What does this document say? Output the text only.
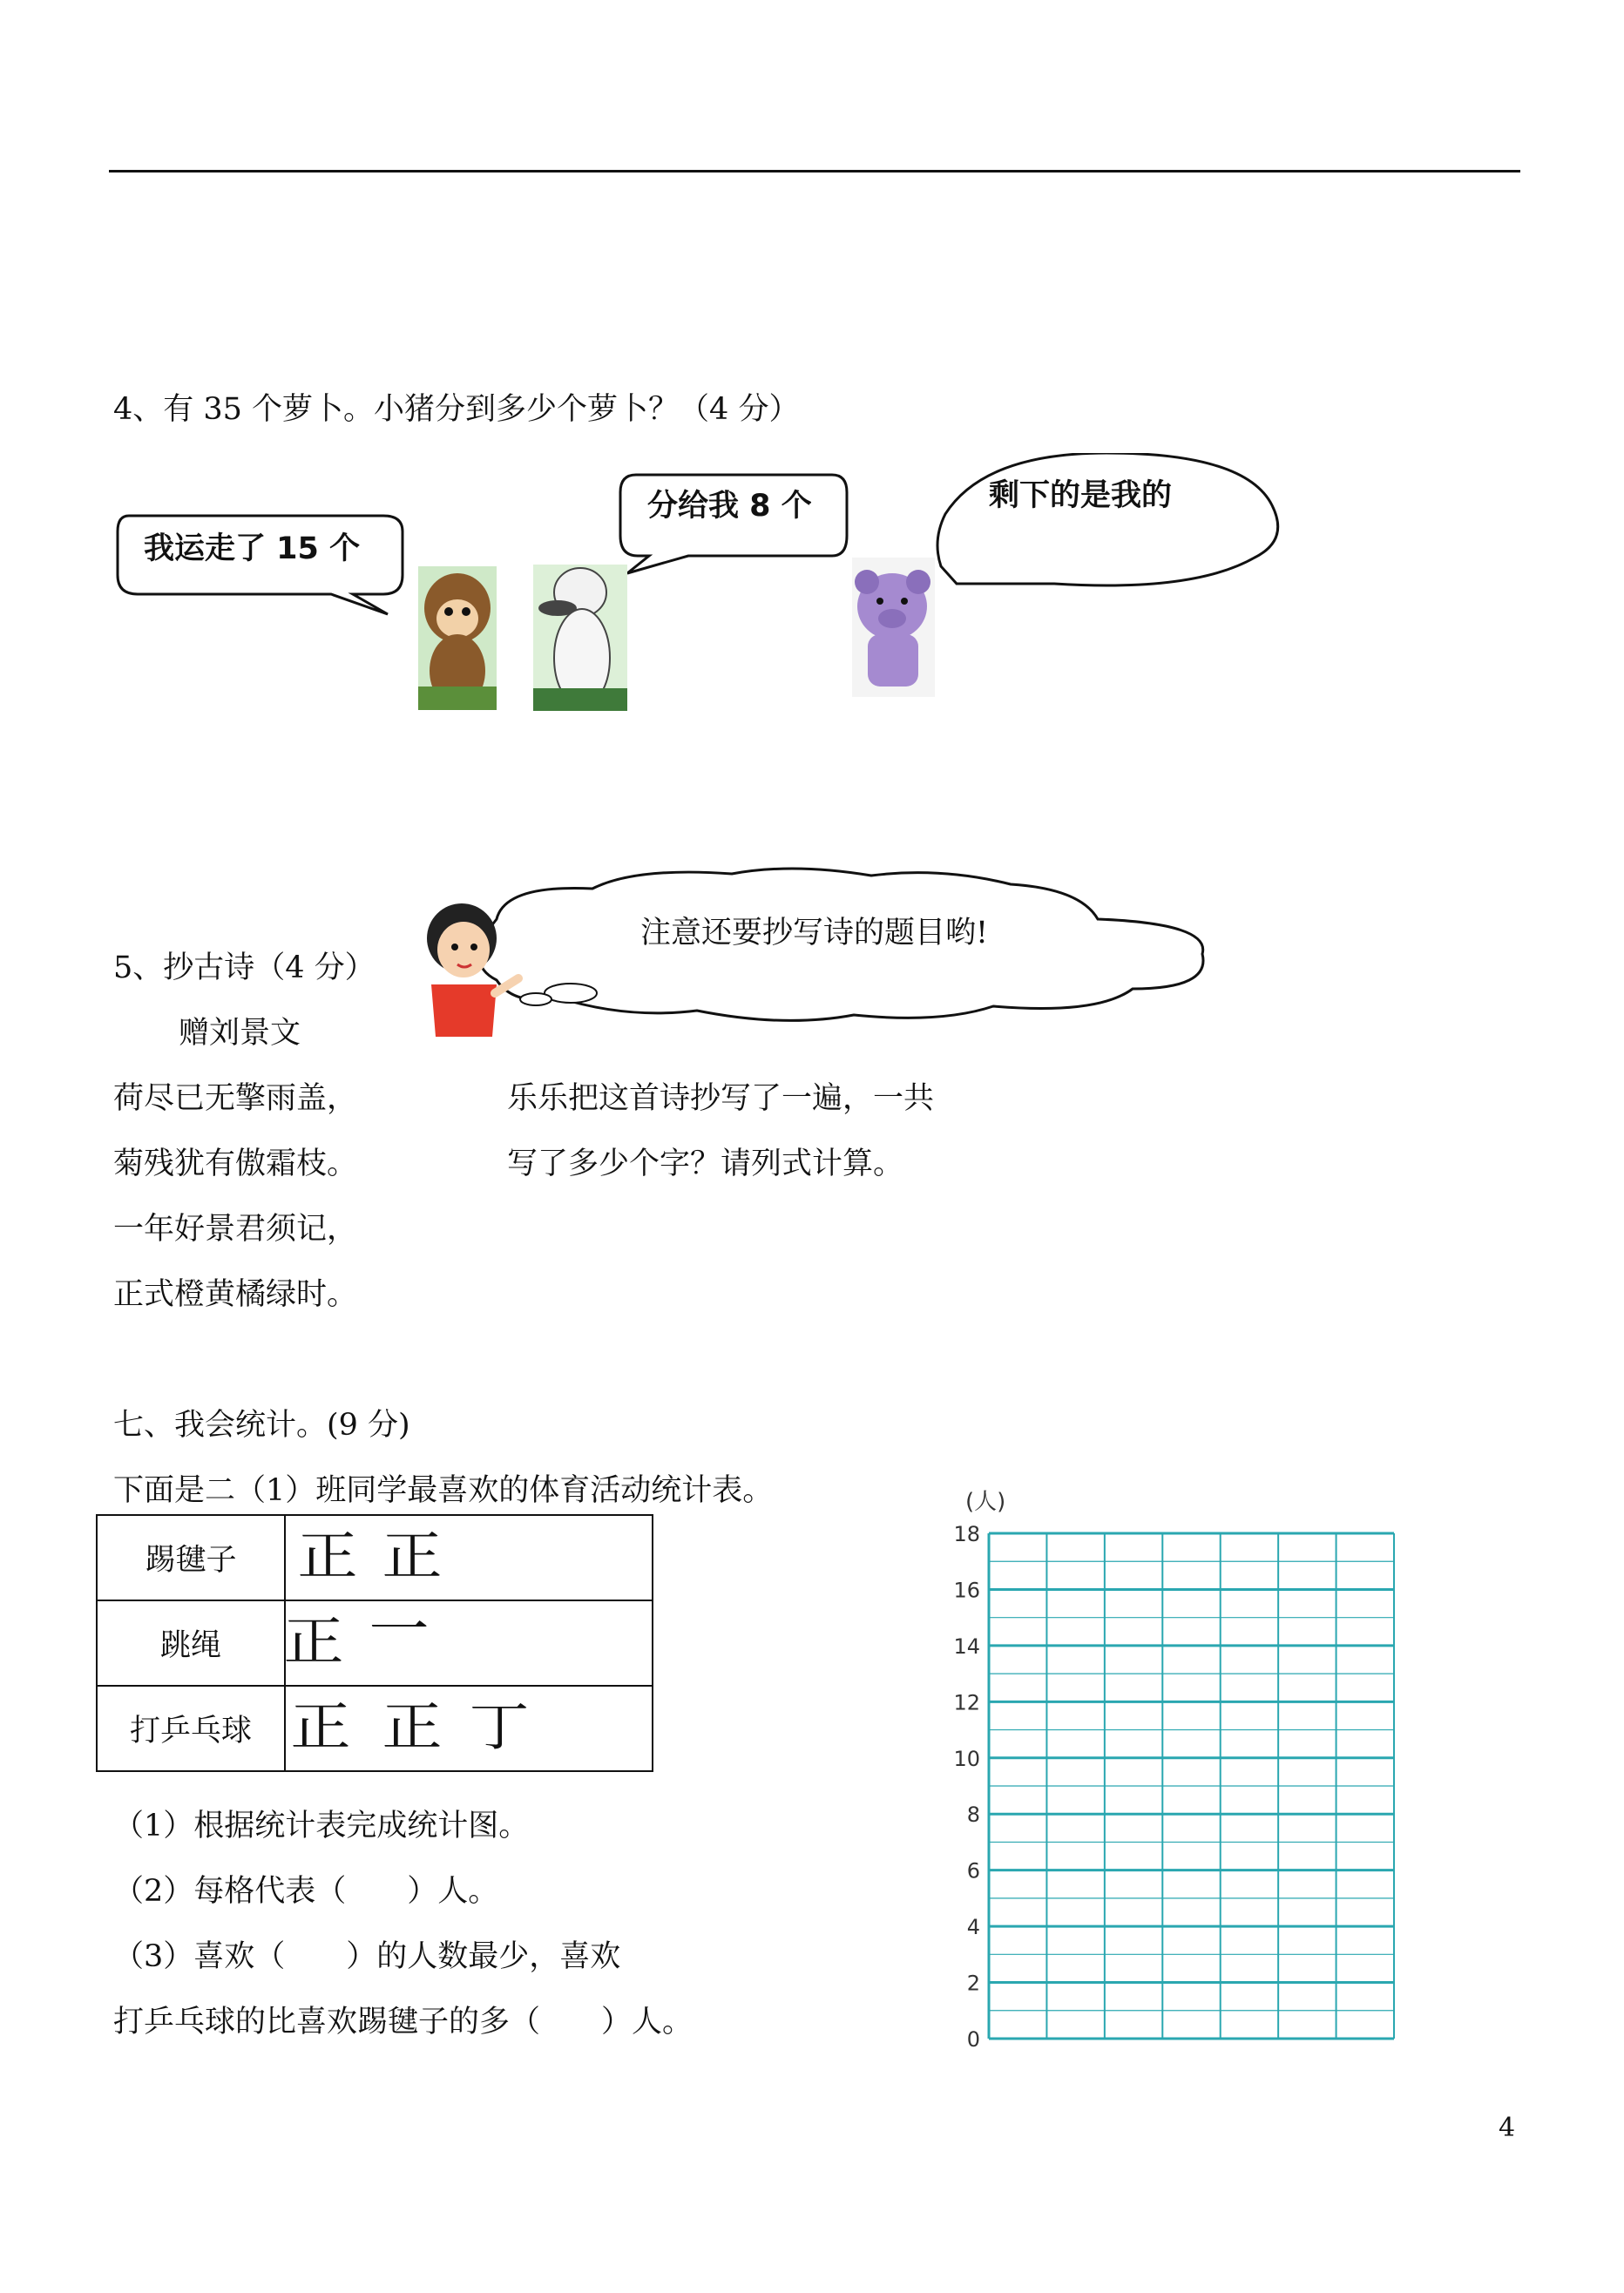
4、有 35 个萝卜。小猪分到多少个萝卜？（4 分）
我运走了 15 个
分给我 8 个	剩下的是我的
注意还要抄写诗的题目哟!
5、抄古诗（4 分）
赠刘景文
荷尽已无擎雨盖，
菊残犹有傲霜枝。
一年好景君须记，
正式橙黄橘绿时。
乐乐把这首诗抄写了一遍，一共
写了多少个字？请列式计算。
七、我会统计。(9 分)
下面是二（1）班同学最喜欢的体育活动统计表。
踢毽子	正 正

跳绳	正 一

打乒乓球	正 正 丁
（1）根据统计表完成统计图。
（2）每格代表（　　）人。
（3）喜欢（　　）的人数最少，喜欢
打乒乓球的比喜欢踢毽子的多（　　）人。
(人)
0
2
4
6
8
10
12
14
16
18
4
